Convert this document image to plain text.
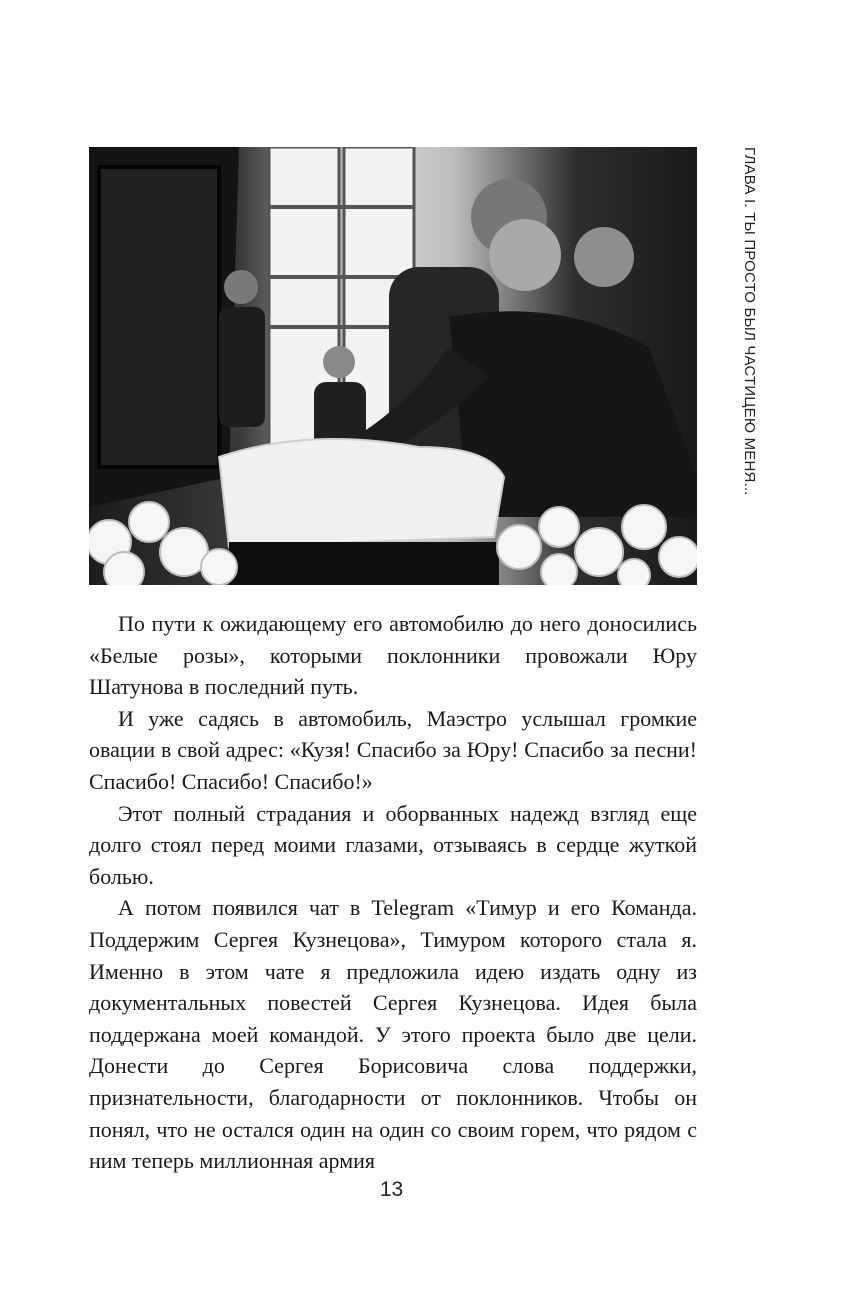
ГЛАВА I. ТЫ ПРОСТО БЫЛ ЧАСТИЦЕЮ МЕНЯ...

По пути к ожидающему его автомобилю до него доносились «Белые розы», которыми поклонники провожали Юру Шатунова в последний путь.

И уже садясь в автомобиль, Маэстро услышал громкие овации в свой адрес: «Кузя! Спасибо за Юру! Спасибо за песни! Спасибо! Спасибо! Спасибо!»

Этот полный страдания и оборванных надежд взгляд еще долго стоял перед моими глазами, отзываясь в сердце жуткой болью.

А потом появился чат в Telegram «Тимур и его Команда. Поддержим Сергея Кузнецова», Тимуром которого стала я. Именно в этом чате я предложила идею издать одну из документальных повестей Сергея Кузнецова. Идея была поддержана моей командой. У этого проекта было две цели. Донести до Сергея Борисовича слова поддержки, признательности, благодарности от поклонников. Чтобы он понял, что не остался один на один со своим горем, что рядом с ним теперь миллионная армия

13
